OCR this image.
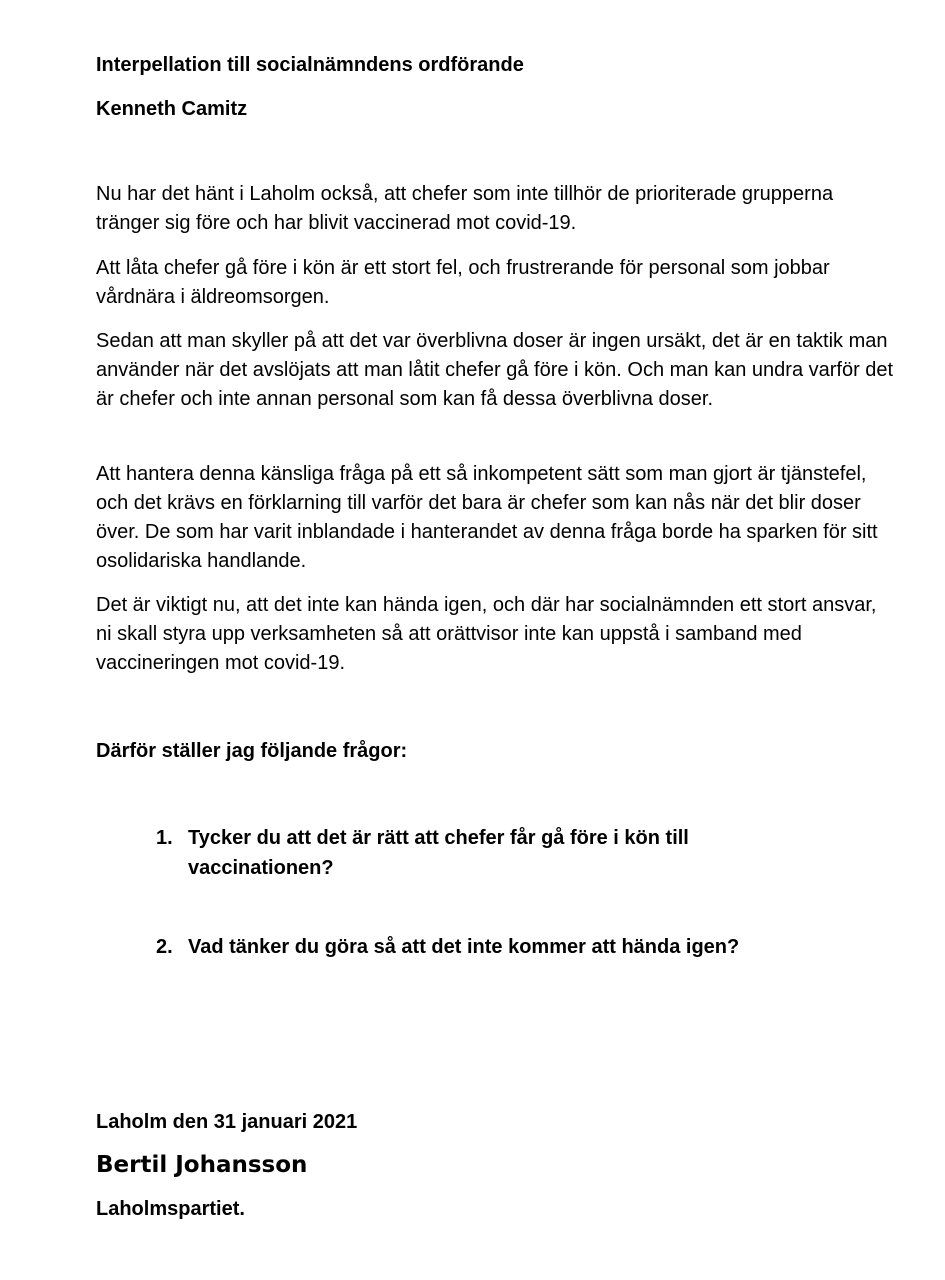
Interpellation till socialnämndens ordförande
Kenneth Camitz

Nu har det hänt i Laholm också, att chefer som inte tillhör de prioriterade grupperna tränger sig före och har blivit vaccinerad mot covid-19.

Att låta chefer gå före i kön är ett stort fel, och frustrerande för personal som jobbar vårdnära i äldreomsorgen.

Sedan att man skyller på att det var överblivna doser är ingen ursäkt, det är en taktik man använder när det avslöjats att man låtit chefer gå före i kön. Och man kan undra varför det är chefer och inte annan personal som kan få dessa överblivna doser.

Att hantera denna känsliga fråga på ett så inkompetent sätt som man gjort är tjänstefel, och det krävs en förklarning till varför det bara är chefer som kan nås när det blir doser över. De som har varit inblandade i hanterandet av denna fråga borde ha sparken för sitt osolidariska handlande.

Det är viktigt nu, att det inte kan hända igen, och där har socialnämnden ett stort ansvar, ni skall styra upp verksamheten så att orättvisor inte kan uppstå i samband med vaccineringen mot covid-19.

Därför ställer jag följande frågor:
1. Tycker du att det är rätt att chefer får gå före i kön till vaccinationen?
2. Vad tänker du göra så att det inte kommer att hända igen?
Laholm den 31 januari 2021
Bertil Johansson
Laholmspartiet.
